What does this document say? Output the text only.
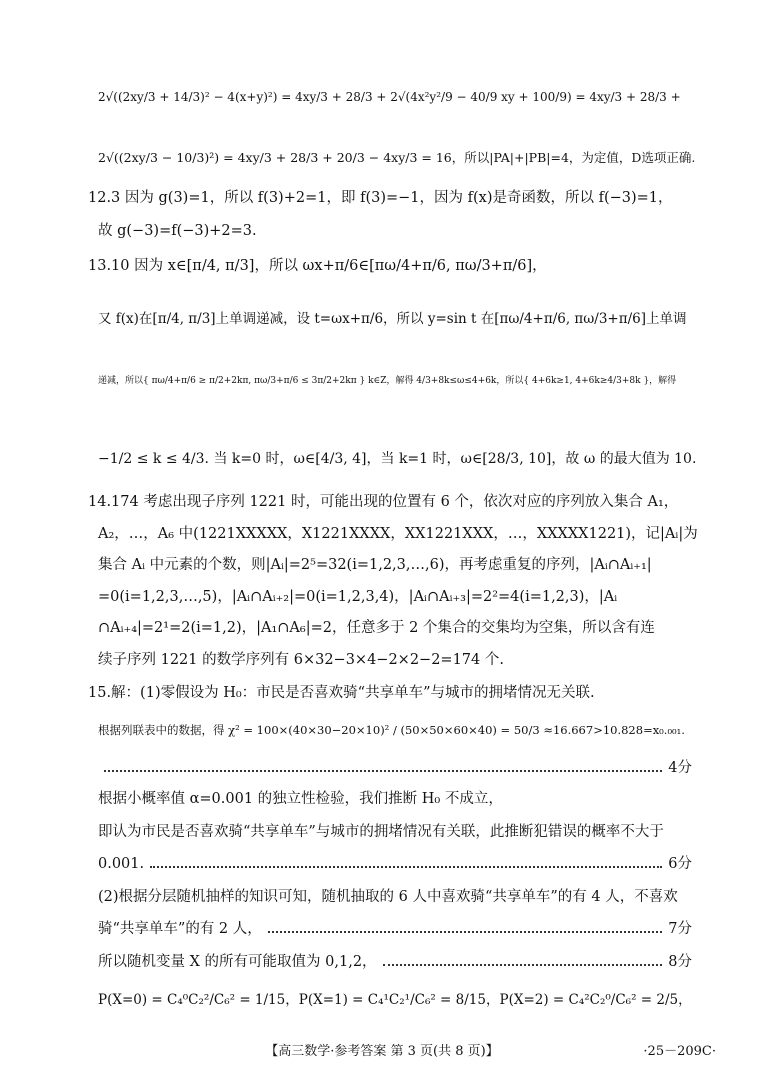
2√((2xy/3 + 14/3)² − 4(x+y)²) = 4xy/3 + 28/3 + 2√(4x²y²/9 − 40/9 xy + 100/9) = 4xy/3 + 28/3 +
2√((2xy/3 − 10/3)²) = 4xy/3 + 28/3 + 20/3 − 4xy/3 = 16，所以|PA|+|PB|=4，为定值，D选项正确.
12.3 因为 g(3)=1，所以 f(3)+2=1，即 f(3)=−1，因为 f(x)是奇函数，所以 f(−3)=1，
故 g(−3)=f(−3)+2=3.
13.10 因为 x∈[π/4, π/3]，所以 ωx+π/6∈[πω/4+π/6, πω/3+π/6]，
又 f(x)在[π/4, π/3]上单调递减，设 t=ωx+π/6，所以 y=sin t 在[πω/4+π/6, πω/3+π/6]上单调
递减，所以{ πω/4+π/6 ≥ π/2+2kπ, πω/3+π/6 ≤ 3π/2+2kπ } k∈Z，解得 4/3+8k≤ω≤4+6k，所以{ 4+6k≥1, 4+6k≥4/3+8k }，解得
−1/2 ≤ k ≤ 4/3. 当 k=0 时，ω∈[4/3, 4]，当 k=1 时，ω∈[28/3, 10]，故 ω 的最大值为 10.
14.174 考虑出现子序列 1221 时，可能出现的位置有 6 个，依次对应的序列放入集合 A₁，
A₂，…，A₆ 中(1221XXXXX，X1221XXXX，XX1221XXX，…，XXXXX1221)，记|Aᵢ|为
集合 Aᵢ 中元素的个数，则|Aᵢ|=2⁵=32(i=1,2,3,…,6)，再考虑重复的序列，|Aᵢ∩Aᵢ₊₁|
=0(i=1,2,3,…,5)，|Aᵢ∩Aᵢ₊₂|=0(i=1,2,3,4)，|Aᵢ∩Aᵢ₊₃|=2²=4(i=1,2,3)，|Aᵢ
∩Aᵢ₊₄|=2¹=2(i=1,2)，|A₁∩A₆|=2，任意多于 2 个集合的交集均为空集，所以含有连
续子序列 1221 的数学序列有 6×32−3×4−2×2−2=174 个.
15.解：(1)零假设为 H₀：市民是否喜欢骑“共享单车”与城市的拥堵情况无关联.
根据列联表中的数据，得 χ² = 100×(40×30−20×10)² / (50×50×60×40) = 50/3 ≈16.667>10.828=x₀.₀₀₁.
根据小概率值 α=0.001 的独立性检验，我们推断 H₀ 不成立，
即认为市民是否喜欢骑“共享单车”与城市的拥堵情况有关联，此推断犯错误的概率不大于
(2)根据分层随机抽样的知识可知，随机抽取的 6 人中喜欢骑“共享单车”的有 4 人，不喜欢
P(X=0) = C₄⁰C₂²/C₆² = 1/15，P(X=1) = C₄¹C₂¹/C₆² = 8/15，P(X=2) = C₄²C₂⁰/C₆² = 2/5，
4分
0.001.	6分
骑“共享单车”的有 2 人，	7分
所以随机变量 X 的所有可能取值为 0,1,2，	8分
【高三数学·参考答案 第 3 页(共 8 页)】	·25－209C·
